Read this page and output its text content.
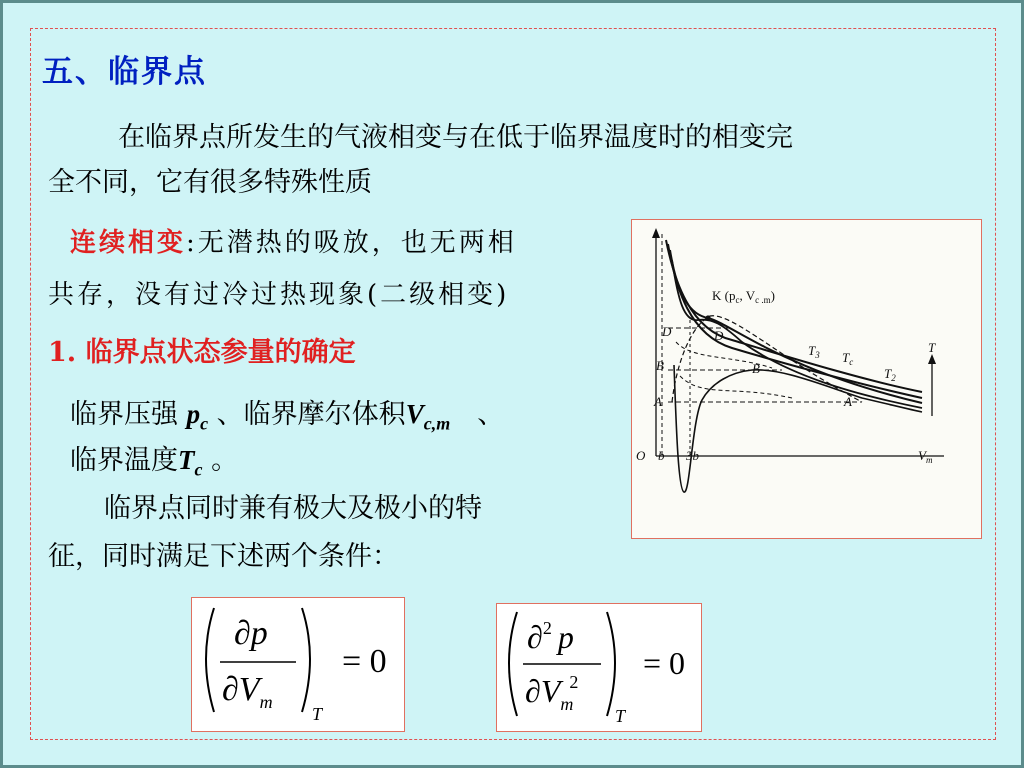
五、临界点
在临界点所发生的气液相变与在低于临界温度时的相变完
全不同，它有很多特殊性质
连续相变:无潜热的吸放，也无两相
共存，没有过冷过热现象(二级相变)
1. 临界点状态参量的确定
临界压强 $p_c$ 、临界摩尔体积$V_{c,m}$　、
临界温度$T_c$ 。
临界点同时兼有极大及极小的特
征，同时满足下述两个条件：
K ($p_c$, $V_{c .m}$)
T
$T_3$ $T_c$
$T_2$
D	D
B	B
A	A
O b 3b	$V_m$
∂p
$\partial V_m$
T
= 0
∂$^2$ p
$\partial V_m2$
T
= 0
